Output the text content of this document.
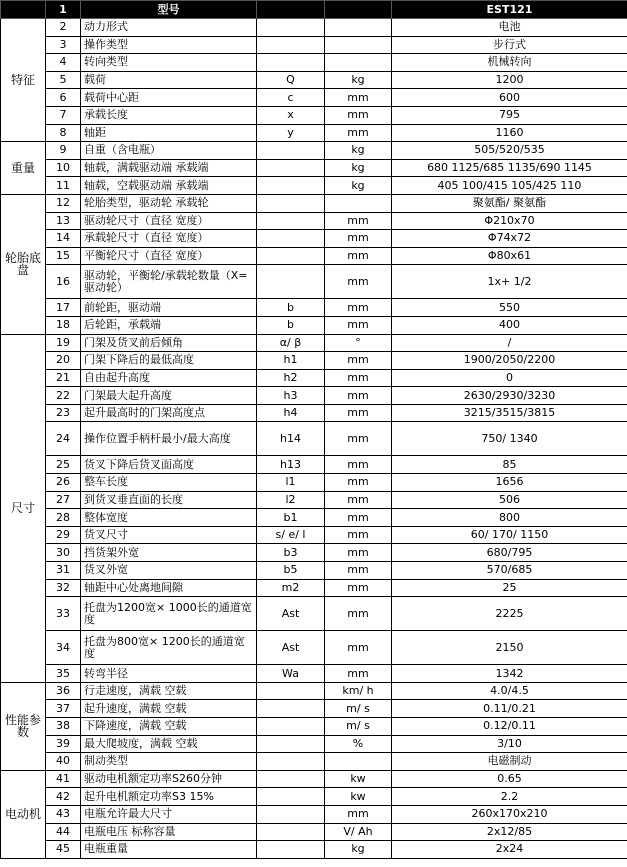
	1	型号			EST121
特征	2	动力形式			电池
	3	操作类型			步行式
	4	转向类型			机械转向
	5	载荷	Q	kg	1200
	6	载荷中心距	c	mm	600
	7	承载长度	x	mm	795
	8	轴距	y	mm	1160
重量	9	自重（含电瓶）		kg	505/520/535
	10	轴载，满载驱动端 承载端		kg	680 1125/685 1135/690 1145
	11	轴载，空载驱动端 承载端		kg	405 100/415 105/425 110
轮胎底盘	12	轮胎类型，驱动轮 承载轮			聚氨酯/ 聚氨酯
	13	驱动轮尺寸（直径 宽度）		mm	Φ210x70
	14	承载轮尺寸（直径 宽度）		mm	Φ74x72
	15	平衡轮尺寸（直径 宽度）		mm	Φ80x61
	16	驱动轮，平衡轮/承载轮数量（X=驱动轮）		mm	1x+ 1/2
	17	前轮距，驱动端	b	mm	550
	18	后轮距，承载端	b	mm	400
尺寸	19	门架及货叉前后倾角	α/ β	°	/
	20	门架下降后的最低高度	h1	mm	1900/2050/2200
	21	自由起升高度	h2	mm	0
	22	门架最大起升高度	h3	mm	2630/2930/3230
	23	起升最高时的门架高度点	h4	mm	3215/3515/3815
	24	操作位置手柄杆最小/最大高度	h14	mm	750/ 1340
	25	货叉下降后货叉面高度	h13	mm	85
	26	整车长度	l1	mm	1656
	27	到货叉垂直面的长度	l2	mm	506
	28	整体宽度	b1	mm	800
	29	货叉尺寸	s/ e/ l	mm	60/ 170/ 1150
	30	挡货架外宽	b3	mm	680/795
	31	货叉外宽	b5	mm	570/685
	32	轴距中心处离地间隙	m2	mm	25
	33	托盘为1200宽× 1000长的通道宽度	Ast	mm	2225
	34	托盘为800宽× 1200长的通道宽度	Ast	mm	2150
	35	转弯半径	Wa	mm	1342
性能参数	36	行走速度，满载 空载		km/ h	4.0/4.5
	37	起升速度，满载 空载		m/ s	0.11/0.21
	38	下降速度，满载 空载		m/ s	0.12/0.11
	39	最大爬坡度，满载 空载		%	3/10
	40	制动类型			电磁制动
电动机	41	驱动电机额定功率S260分钟		kw	0.65
	42	起升电机额定功率S3 15%		kw	2.2
	43	电瓶允许最大尺寸		mm	260x170x210
	44	电瓶电压 标称容量		V/ Ah	2x12/85
	45	电瓶重量		kg	2x24
